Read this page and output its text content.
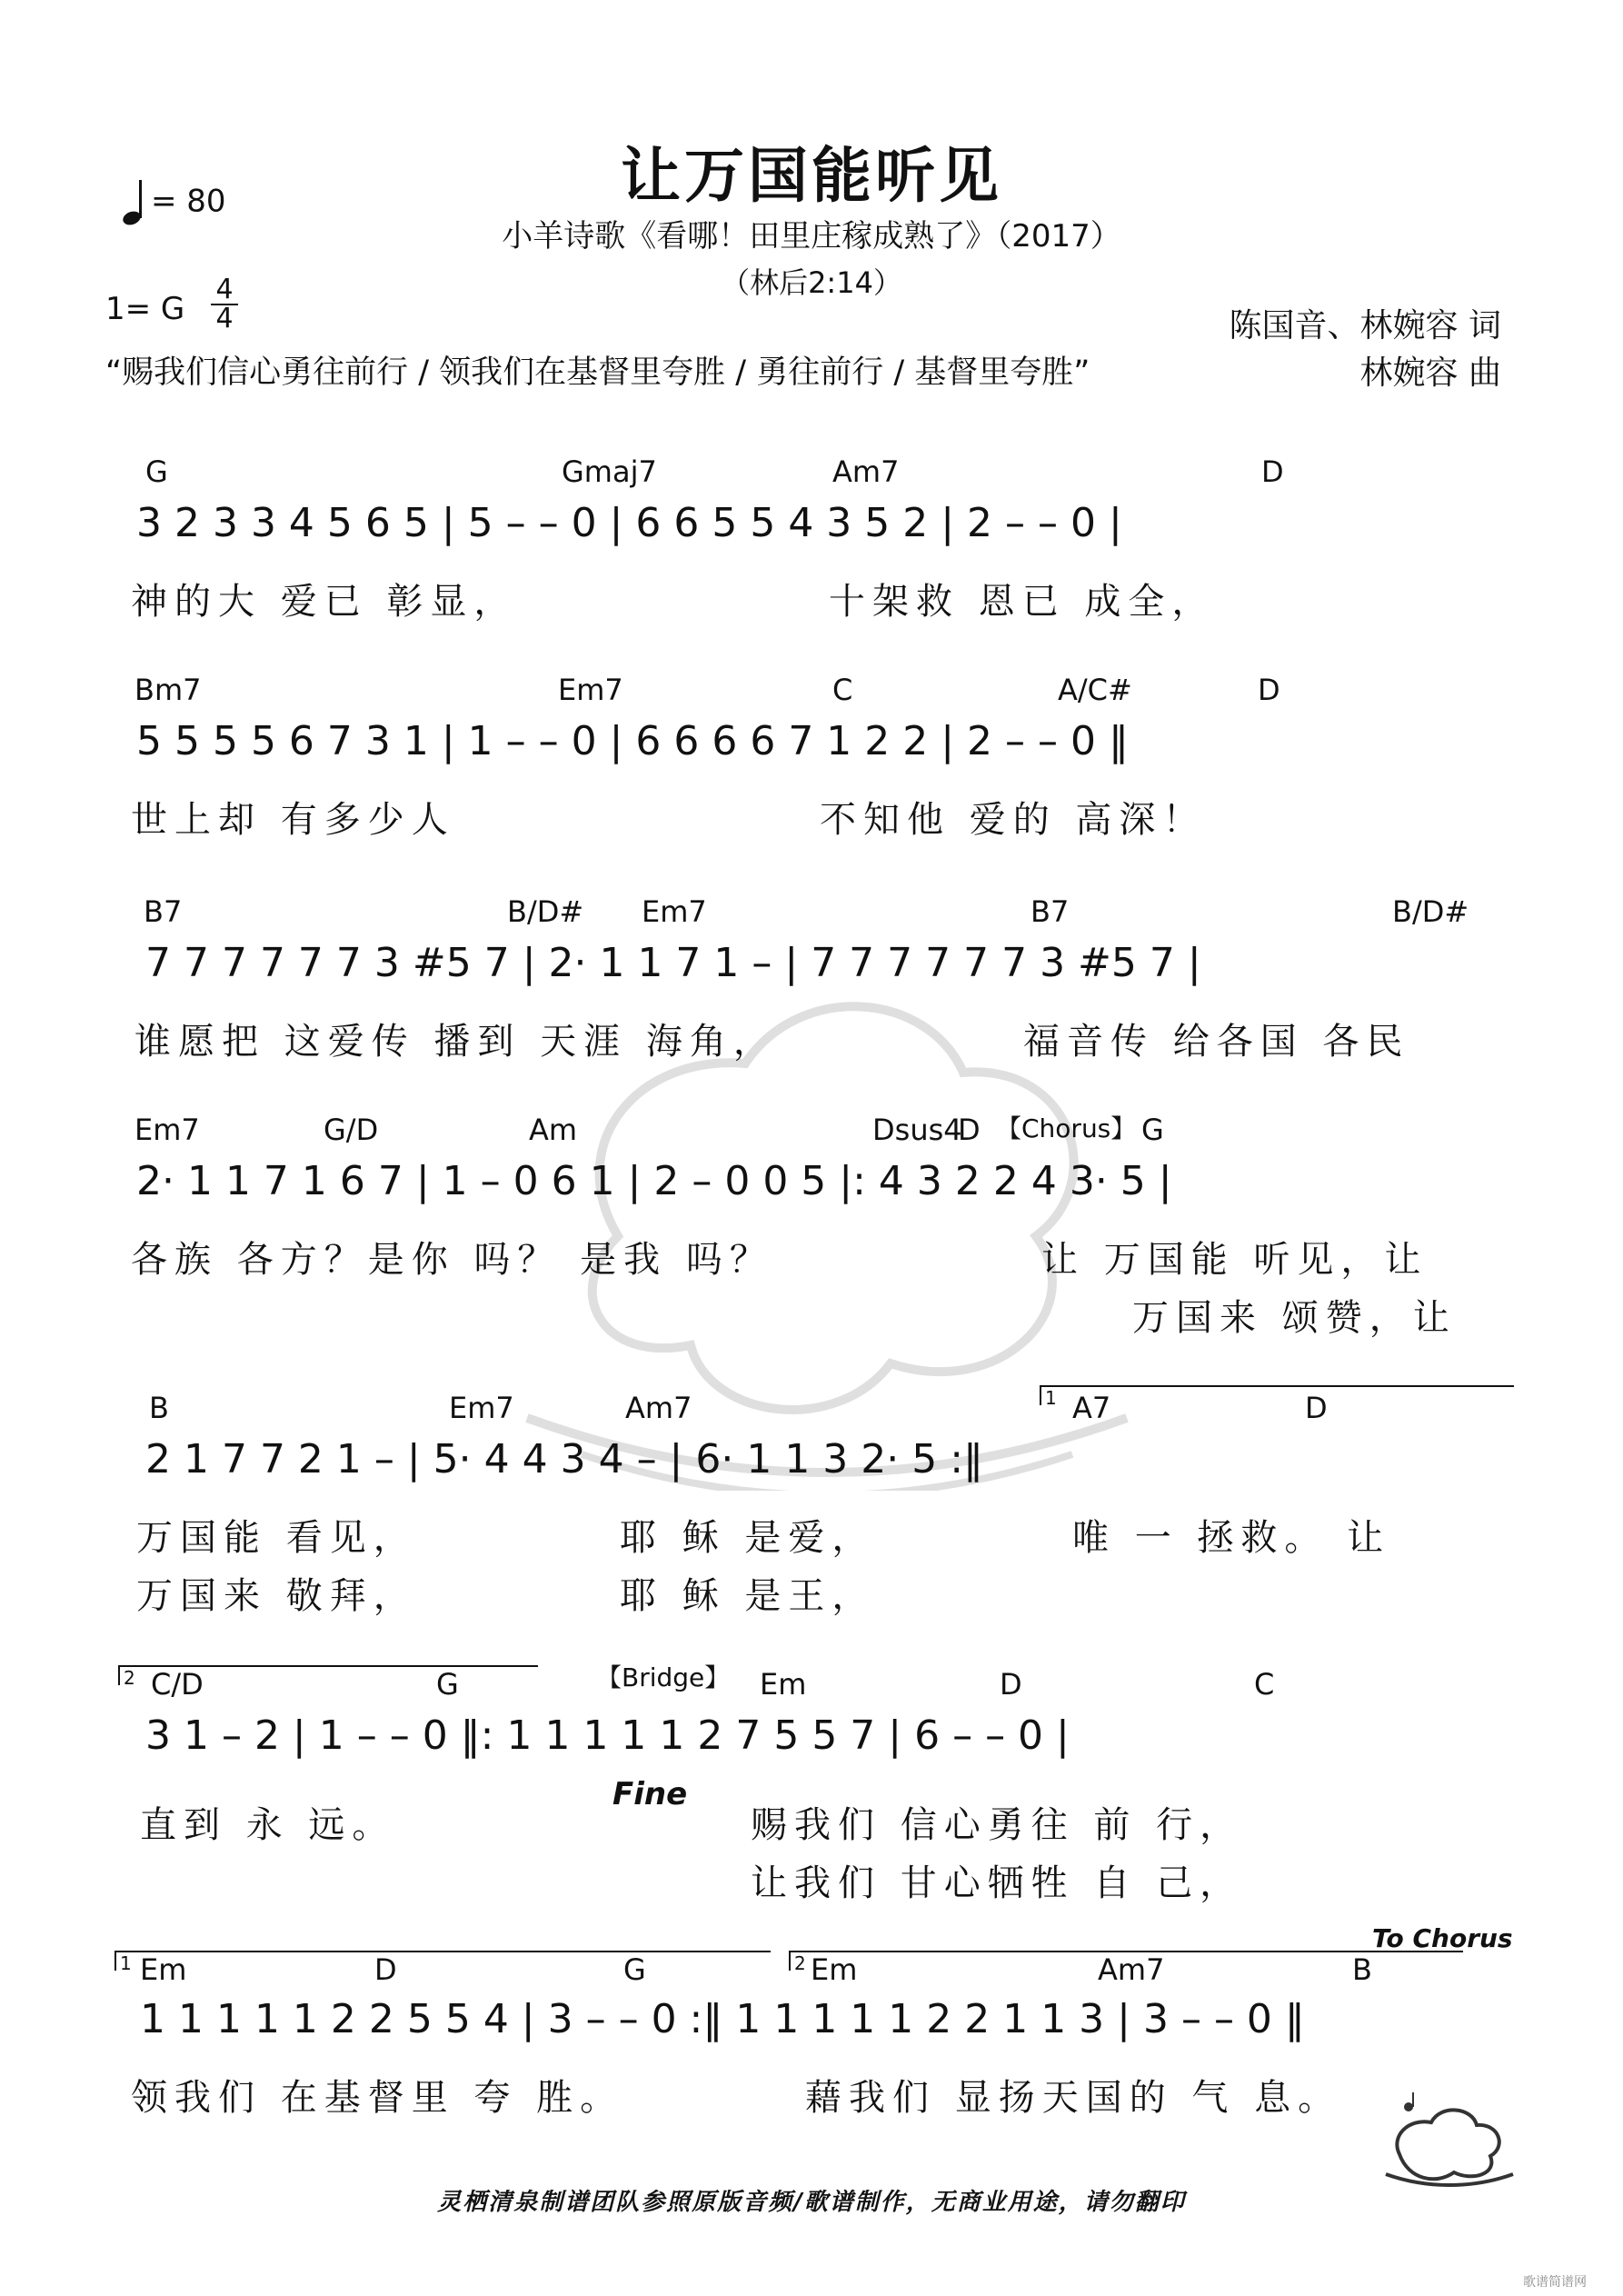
让万国能听见
小羊诗歌《看哪！田里庄稼成熟了》（2017）
（林后2:14）
= 80
1= G
4
4	陈国音、林婉容 词
林婉容 曲
“赐我们信心勇往前行 / 领我们在基督里夸胜 / 勇往前行 / 基督里夸胜”
G	Gmaj7	Am7	D
3 2 3 3 4 5 6 5 | 5 – – 0 | 6 6 5 5 4 3 5 2 | 2 – – 0 |
神的大 爱已 彰显，	十架救 恩已 成全，
Bm7	Em7	C	A/C#	D
5 5 5 5 6 7 3 1 | 1 – – 0 | 6 6 6 6 7 1 2 2 | 2 – – 0 ‖
世上却 有多少人	不知他 爱的 高深！
B7	B/D# Em7	B7	B/D#
7 7 7 7 7 7 3 #5 7 | 2· 1 1 7 1 – | 7 7 7 7 7 7 3 #5 7 |
谁愿把 这爱传 播到 天涯 海角，	福音传 给各国 各民
Em7	G/D	Am	Dsus4
D 【Chorus】 G
2· 1 1 7 1 6 7 | 1 – 0 6 1 | 2 – 0 0 5 |: 4 3 2 2 4 3· 5 |
各族 各方？是你 吗？ 是我 吗？	让 万国能 听见，让
万国来 颂赞，让
B	Em7	Am7	1 A7	D
2 1 7 7 2 1 – | 5· 4 4 3 4 – | 6· 1 1 3 2· 5 :‖
万国能 看见，	耶 稣 是爱，	唯 一 拯救。 让
万国来 敬拜，	耶 稣 是王，
2 C/D	G	【Bridge】 Em	D	C
3 1 – 2 | 1 – – 0 ‖: 1 1 1 1 1 2 7 5 5 7 | 6 – – 0 |
Fine
直到 永 远。	赐我们 信心勇往 前 行，
让我们 甘心牺牲 自 己，
To Chorus
1	2
Em	D	G	Em	Am7	B
1 1 1 1 1 2 2 5 5 4 | 3 – – 0 :‖ 1 1 1 1 1 2 2 1 1 3 | 3 – – 0 ‖
领我们 在基督里 夸 胜。	藉我们 显扬天国的 气 息。
灵栖清泉制谱团队参照原版音频/歌谱制作，无商业用途，请勿翻印
歌谱简谱网
